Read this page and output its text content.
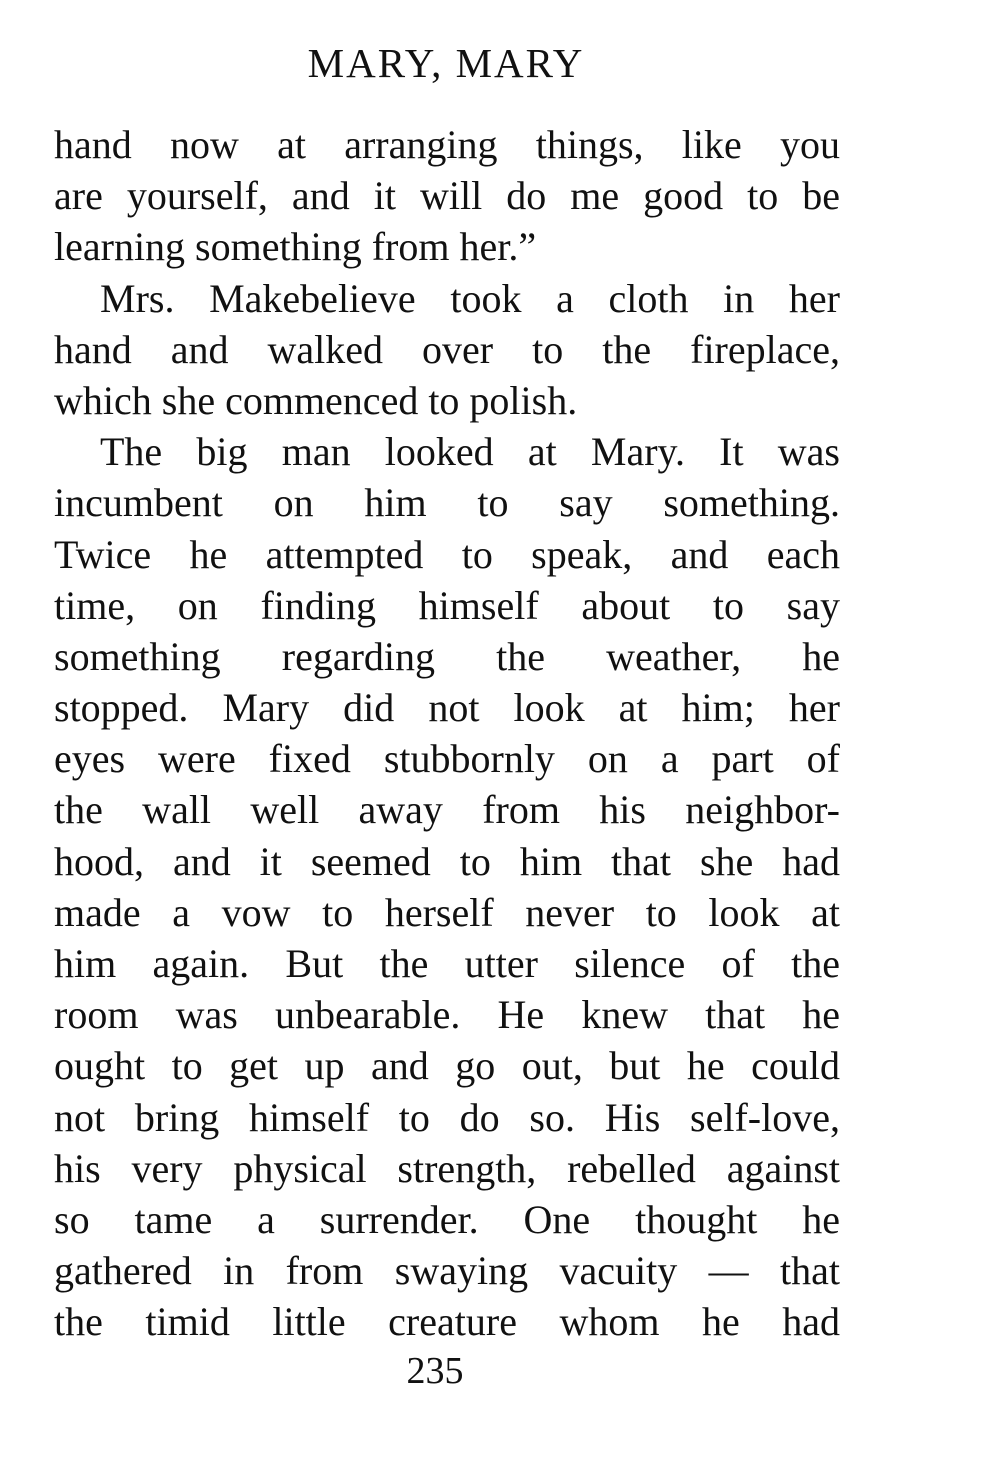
MARY, MARY
hand now at arranging things, like you
are yourself, and it will do me good to be
learning something from her.”
Mrs. Makebelieve took a cloth in her
hand and walked over to the fireplace,
which she commenced to polish.
The big man looked at Mary. It was
incumbent on him to say something.
Twice he attempted to speak, and each
time, on finding himself about to say
something regarding the weather, he
stopped. Mary did not look at him; her
eyes were fixed stubbornly on a part of
the wall well away from his neighbor-
hood, and it seemed to him that she had
made a vow to herself never to look at
him again. But the utter silence of the
room was unbearable. He knew that he
ought to get up and go out, but he could
not bring himself to do so. His self-love,
his very physical strength, rebelled against
so tame a surrender. One thought he
gathered in from swaying vacuity — that
the timid little creature whom he had
235
